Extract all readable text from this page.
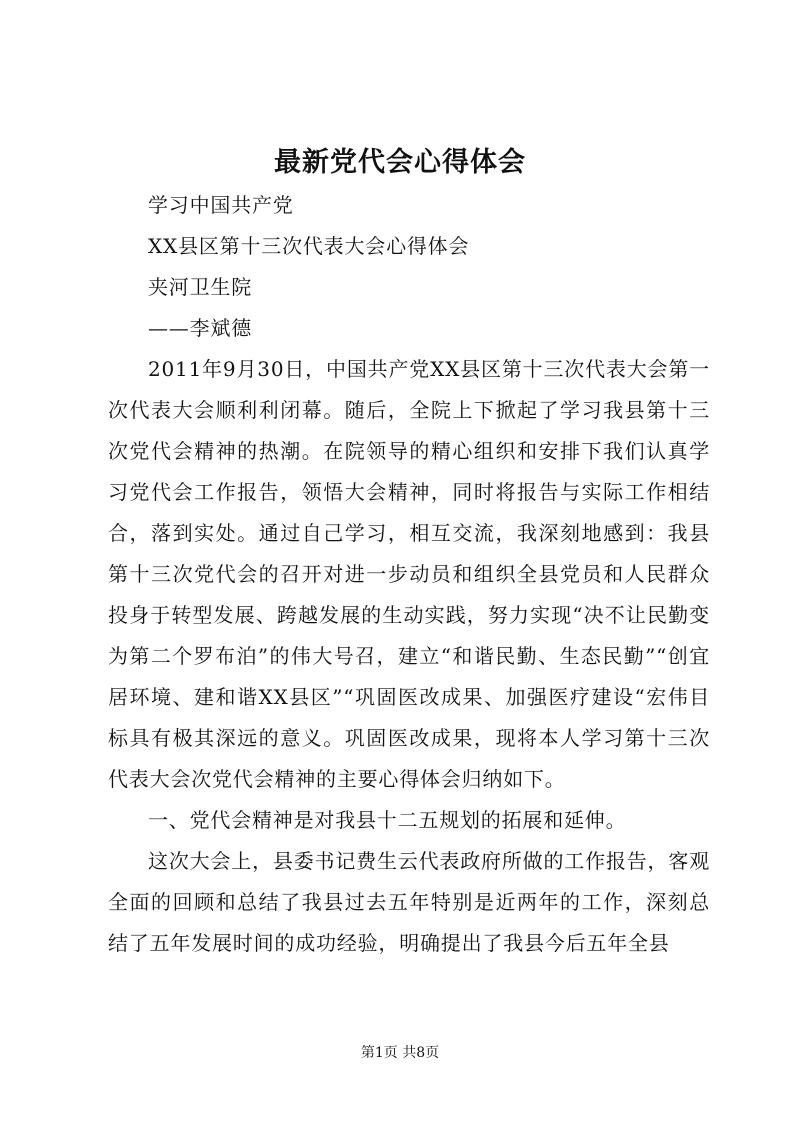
最新党代会心得体会

学习中国共产党

XX县区第十三次代表大会心得体会

夹河卫生院

——李斌德

2011年9月30日，中国共产党XX县区第十三次代表大会第一次代表大会顺利利闭幕。随后，全院上下掀起了学习我县第十三次党代会精神的热潮。在院领导的精心组织和安排下我们认真学习党代会工作报告，领悟大会精神，同时将报告与实际工作相结合，落到实处。通过自己学习，相互交流，我深刻地感到：我县第十三次党代会的召开对进一步动员和组织全县党员和人民群众投身于转型发展、跨越发展的生动实践，努力实现“决不让民勤变为第二个罗布泊”的伟大号召，建立“和谐民勤、生态民勤”“创宜居环境、建和谐XX县区”“巩固医改成果、加强医疗建设“宏伟目标具有极其深远的意义。巩固医改成果，现将本人学习第十三次代表大会次党代会精神的主要心得体会归纳如下。

一、党代会精神是对我县十二五规划的拓展和延伸。

这次大会上，县委书记费生云代表政府所做的工作报告，客观全面的回顾和总结了我县过去五年特别是近两年的工作，深刻总结了五年发展时间的成功经验，明确提出了我县今后五年全县

第1页 共8页
